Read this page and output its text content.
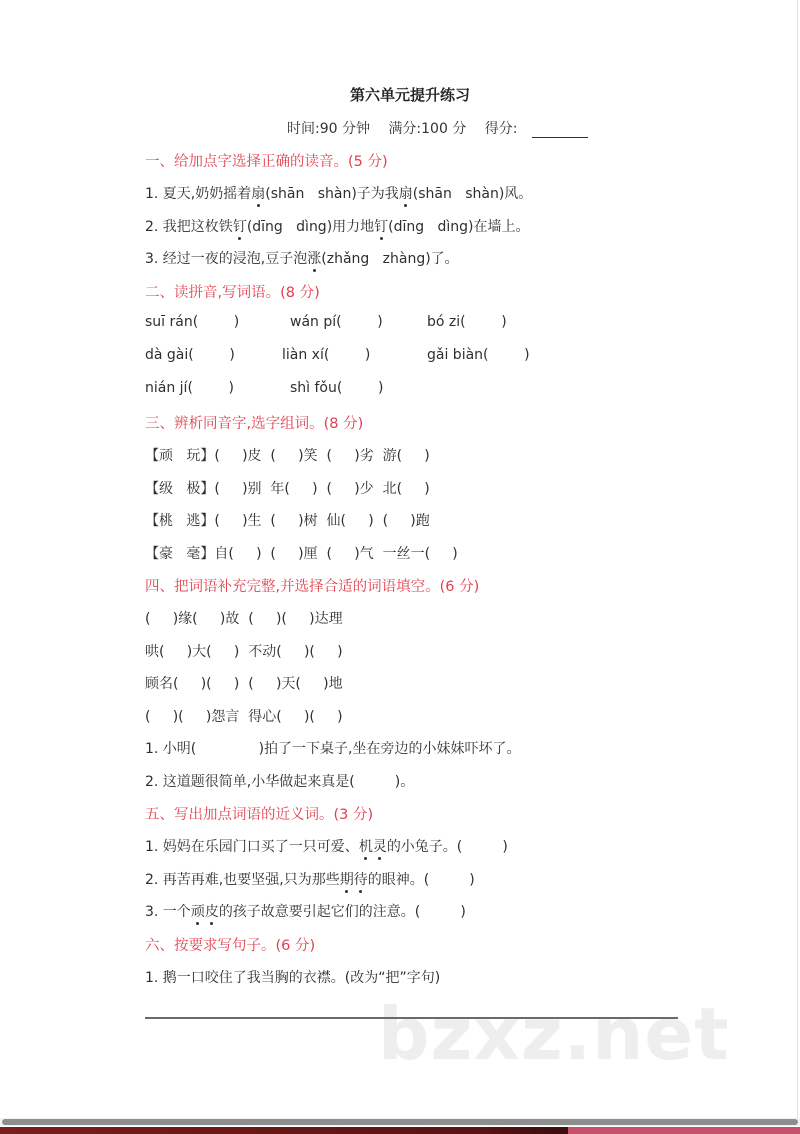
bzxz.net
第六单元提升练习
时间:90 分钟 满分:100 分 得分:
一、给加点字选择正确的读音。(5 分)
1. 夏天,奶奶摇着扇(shān   shàn)子为我扇(shān   shàn)风。
2. 我把这枚铁钉(dīng   dìng)用力地钉(dīng   dìng)在墙上。
3. 经过一夜的浸泡,豆子泡涨(zhǎng   zhàng)了。
二、读拼音,写词语。(8 分)
suī rán(        )	wán pí(        )	bó zi(        )
dà gài(        )	liàn xí(        )	gǎi biàn(        )
nián jí(        )	shì fǒu(        )
三、辨析同音字,选字组词。(8 分)
【顽   玩】(     )皮  (     )笑  (     )劣  游(     )
【级   极】(     )别  年(     )  (     )少  北(     )
【桃   逃】(     )生  (     )树  仙(     )  (     )跑
【豪   毫】自(     )  (     )厘  (     )气  一丝一(     )
四、把词语补充完整,并选择合适的词语填空。(6 分)
(     )缘(     )故  (     )(     )达理
哄(     )大(     )  不动(     )(     )
顾名(     )(     )  (     )天(     )地
(     )(     )怨言  得心(     )(     )
1. 小明(              )拍了一下桌子,坐在旁边的小妹妹吓坏了。
2. 这道题很简单,小华做起来真是(         )。
五、写出加点词语的近义词。(3 分)
1. 妈妈在乐园门口买了一只可爱、机灵的小兔子。(         )
2. 再苦再难,也要坚强,只为那些期待的眼神。(         )
3. 一个顽皮的孩子故意要引起它们的注意。(         )
六、按要求写句子。(6 分)
1. 鹅一口咬住了我当胸的衣襟。(改为“把”字句)
